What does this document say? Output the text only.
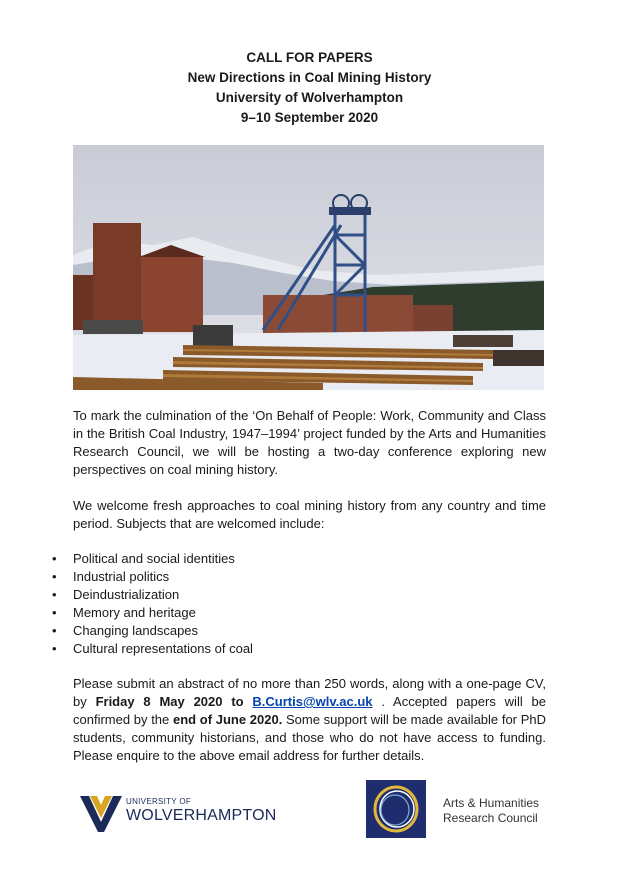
CALL FOR PAPERS
New Directions in Coal Mining History
University of Wolverhampton
9–10 September 2020
To mark the culmination of the ‘On Behalf of People: Work, Community and Class in the British Coal Industry, 1947–1994’ project funded by the Arts and Humanities Research Council, we will be hosting a two-day conference exploring new perspectives on coal mining history.
We welcome fresh approaches to coal mining history from any country and time period. Subjects that are welcomed include:
• Political and social identities
• Industrial politics
• Deindustrialization
• Memory and heritage
• Changing landscapes
• Cultural representations of coal
Please submit an abstract of no more than 250 words, along with a one-page CV, by Friday 8 May 2020 to B.Curtis@wlv.ac.uk . Accepted papers will be confirmed by the end of June 2020. Some support will be made available for PhD students, community historians, and those who do not have access to funding. Please enquire to the above email address for further details.
UNIVERSITY OF
WOLVERHAMPTON
Arts & Humanities
Research Council
